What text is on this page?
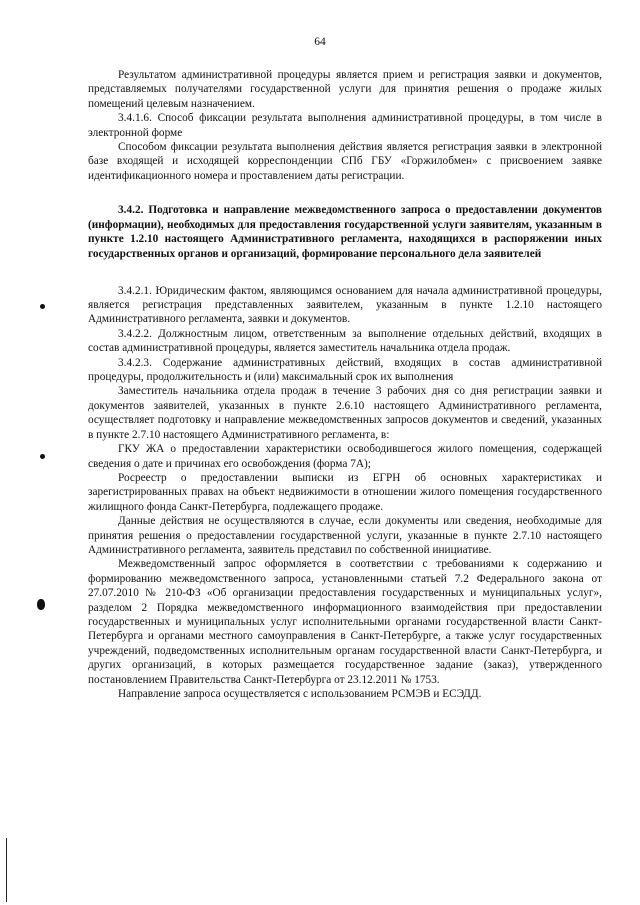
64

Результатом административной процедуры является прием и регистрация заявки и документов, представляемых получателями государственной услуги для принятия решения о продаже жилых помещений целевым назначением.

3.4.1.6. Способ фиксации результата выполнения административной процедуры, в том числе в электронной форме

Способом фиксации результата выполнения действия является регистрация заявки в электронной базе входящей и исходящей корреспонденции СПб ГБУ «Горжилобмен» с присвоением заявке идентификационного номера и проставлением даты регистрации.

3.4.2. Подготовка и направление межведомственного запроса о предоставлении документов (информации), необходимых для предоставления государственной услуги заявителям, указанным в пункте 1.2.10 настоящего Административного регламента, находящихся в распоряжении иных государственных органов и организаций, формирование персонального дела заявителей

3.4.2.1. Юридическим фактом, являющимся основанием для начала административной процедуры, является регистрация представленных заявителем, указанным в пункте 1.2.10 настоящего Административного регламента, заявки и документов.

3.4.2.2. Должностным лицом, ответственным за выполнение отдельных действий, входящих в состав административной процедуры, является заместитель начальника отдела продаж.

3.4.2.3. Содержание административных действий, входящих в состав административной процедуры, продолжительность и (или) максимальный срок их выполнения

Заместитель начальника отдела продаж в течение 3 рабочих дня со дня регистрации заявки и документов заявителей, указанных в пункте 2.6.10 настоящего Административного регламента, осуществляет подготовку и направление межведомственных запросов документов и сведений, указанных в пункте 2.7.10 настоящего Административного регламента, в:

ГКУ ЖА о предоставлении характеристики освободившегося жилого помещения, содержащей сведения о дате и причинах его освобождения (форма 7А);

Росреестр о предоставлении выписки из ЕГРН об основных характеристиках и зарегистрированных правах на объект недвижимости в отношении жилого помещения государственного жилищного фонда Санкт-Петербурга, подлежащего продаже.

Данные действия не осуществляются в случае, если документы или сведения, необходимые для принятия решения о предоставлении государственной услуги, указанные в пункте 2.7.10 настоящего Административного регламента, заявитель представил по собственной инициативе.

Межведомственный запрос оформляется в соответствии с требованиями к содержанию и формированию межведомственного запроса, установленными статьей 7.2 Федерального закона от 27.07.2010 № 210-ФЗ «Об организации предоставления государственных и муниципальных услуг», разделом 2 Порядка межведомственного информационного взаимодействия при предоставлении государственных и муниципальных услуг исполнительными органами государственной власти Санкт-Петербурга и органами местного самоуправления в Санкт-Петербурге, а также услуг государственных учреждений, подведомственных исполнительным органам государственной власти Санкт-Петербурга, и других организаций, в которых размещается государственное задание (заказ), утвержденного постановлением Правительства Санкт-Петербурга от 23.12.2011 № 1753.

Направление запроса осуществляется с использованием РСМЭВ и ЕСЭДД.
